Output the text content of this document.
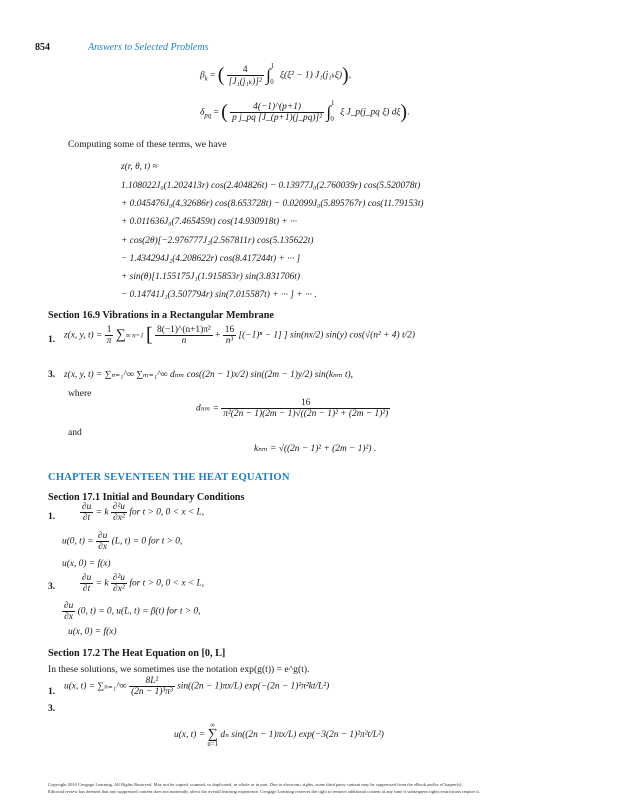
854	Answers to Selected Problems
$\beta_k$ = ( $\frac{4}{\text{[J₁(j₁ₖ)]²}} \int^1_0$ ξ(ξ² − 1) J₁(j₁ₖξ)),
$\delta_{pq}$ = ( $\frac{4(-1)\^{}(p+1)}{\text{p j\_pq [J\_(p+1)(j\_pq)]²}} \int^1_0$ ξ J_p(j_pq ξ) dξ).
Computing some of these terms, we have
z(r, θ, t) ≈
1.108022J₀(1.202413r) cos(2.404826t) − 0.13977J₀(2.760039r) cos(5.520078t)
+ 0.045476J₀(4.32686r) cos(8.653728t) − 0.02099J₀(5.895767r) cos(11.79153t)
+ 0.011636J₀(7.465459t) cos(14.930918t) + ···
+ cos(2θ)[−2.976777J₂(2.567811r) cos(5.135622t)
− 1.434294J₂(4.208622r) cos(8.417244t) + ··· ]
+ sin(θ)[1.155175J₁(1.915853r) sin(3.831706t)
− 0.14741J₁(3.507794r) sin(7.015587t) + ··· ] + ··· .
Section 16.9 Vibrations in a Rectangular Membrane
1. z(x, y, $t) = \frac{1}{\pi}$ ∑∞ n=1 [ $\frac{\text{8(−1)\textasciicircum{}(n+1)π²}}{n} + \frac{16}{\text{n³}} [(-1)^n - 1]$ ] sin(nx/2) sin(y) cos(√(n² + 4) t/2)
3. z(x, y, t) = ∑ₙ₌₁^∞ ∑ₘ₌₁^∞ dₙₘ cos((2n − 1)x/2) sin((2m − 1)y/2) sin(kₙₘ t),
where
$d_{nm} = \frac{16}{\text{π²(2n − 1)(2m − 1)√((2n − 1)² + (2m − 1)²)}}$
and
kₙₘ = √((2n − 1)² + (2m − 1)²) .
CHAPTER SEVENTEEN THE HEAT EQUATION
Section 17.1 Initial and Boundary Conditions
1.	$\frac{\partial u}{\partial t} = k \frac{\text{∂²u}}{\text{∂x²}}$ for t > 0, 0 < x < L,
u(0, $t) = \frac{\partial u}{\partial x} (L$, t) = 0 for t > 0,
u(x, 0) = f(x)
3.	$\frac{\partial u}{\partial t} = k \frac{\text{∂²u}}{\text{∂x²}}$ for t > 0, 0 < x < L,
$\frac{\partial u}{\partial x} (0$, t) = 0, u(L, t) = β(t) for t > 0,
u(x, 0) = f(x)
Section 17.2 The Heat Equation on [0, L]
In these solutions, we sometimes use the notation exp(g(t)) = e^g(t).
1. u(x, t) = ∑ₙ₌₁^∞ $\frac{\text{8L²}}{\text{(2n − 1)³π³}} \sin((2n - 1)\pi x/L) \exp(-(2n - 1)^2\pi^2kt/L^2)$
3.
u(x, t) =
∞
∑
n=1
dₙ sin((2n − 1)πx/L) exp(−3(2n − 1)²π²t/L²)
Copyright 2010 Cengage Learning. All Rights Reserved. May not be copied, scanned, or duplicated, in whole or in part. Due to electronic rights, some third party content may be suppressed from the eBook and/or eChapter(s).
Editorial review has deemed that any suppressed content does not materially affect the overall learning experience. Cengage Learning reserves the right to remove additional content at any time if subsequent rights restrictions require it.
